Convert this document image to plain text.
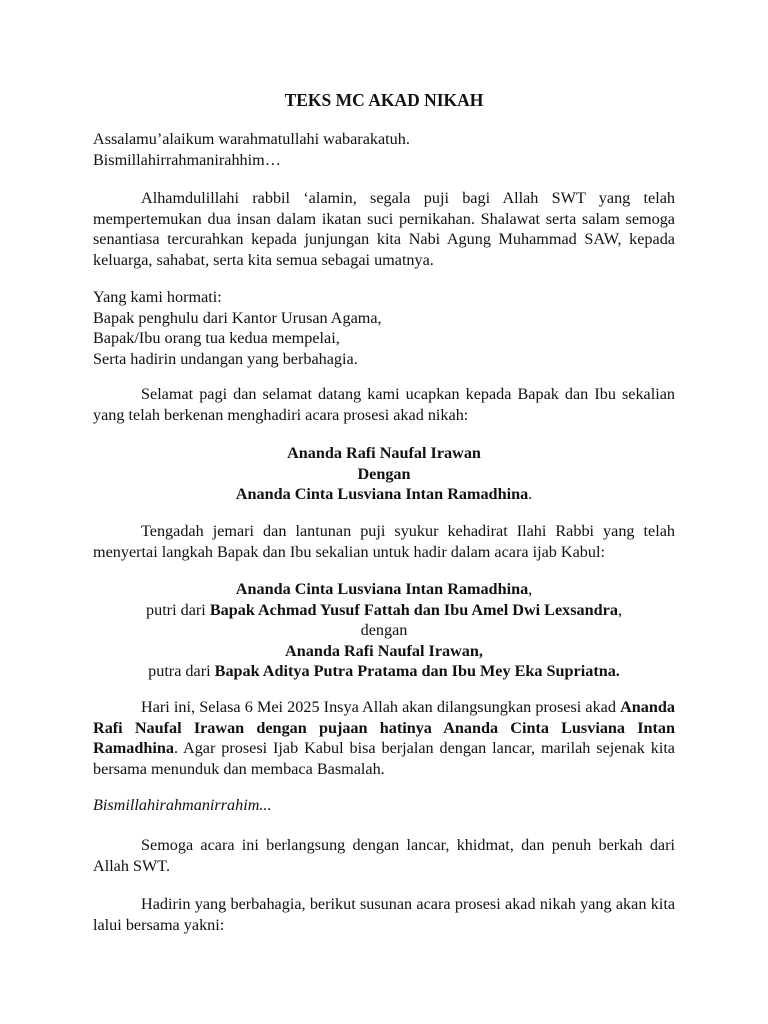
TEKS MC AKAD NIKAH
Assalamu’alaikum warahmatullahi wabarakatuh.
Bismillahirrahmanirahhim…
Alhamdulillahi rabbil ‘alamin, segala puji bagi Allah SWT yang telah mempertemukan dua insan dalam ikatan suci pernikahan. Shalawat serta salam semoga senantiasa tercurahkan kepada junjungan kita Nabi Agung Muhammad SAW, kepada keluarga, sahabat, serta kita semua sebagai umatnya.
Yang kami hormati:
Bapak penghulu dari Kantor Urusan Agama,
Bapak/Ibu orang tua kedua mempelai,
Serta hadirin undangan yang berbahagia.
Selamat pagi dan selamat datang kami ucapkan kepada Bapak dan Ibu sekalian yang telah berkenan menghadiri acara prosesi akad nikah:
Ananda Rafi Naufal Irawan
Dengan
Ananda Cinta Lusviana Intan Ramadhina.
Tengadah jemari dan lantunan puji syukur kehadirat Ilahi Rabbi yang telah menyertai langkah Bapak dan Ibu sekalian untuk hadir dalam acara ijab Kabul:
Ananda Cinta Lusviana Intan Ramadhina,
putri dari Bapak Achmad Yusuf Fattah dan Ibu Amel Dwi Lexsandra,
dengan
Ananda Rafi Naufal Irawan,
putra dari Bapak Aditya Putra Pratama dan Ibu Mey Eka Supriatna.
Hari ini, Selasa 6 Mei 2025 Insya Allah akan dilangsungkan prosesi akad Ananda Rafi Naufal Irawan dengan pujaan hatinya Ananda Cinta Lusviana Intan Ramadhina. Agar prosesi Ijab Kabul bisa berjalan dengan lancar, marilah sejenak kita bersama menunduk dan membaca Basmalah.
Bismillahirahmanirrahim...
Semoga acara ini berlangsung dengan lancar, khidmat, dan penuh berkah dari Allah SWT.
Hadirin yang berbahagia, berikut susunan acara prosesi akad nikah yang akan kita lalui bersama yakni:
